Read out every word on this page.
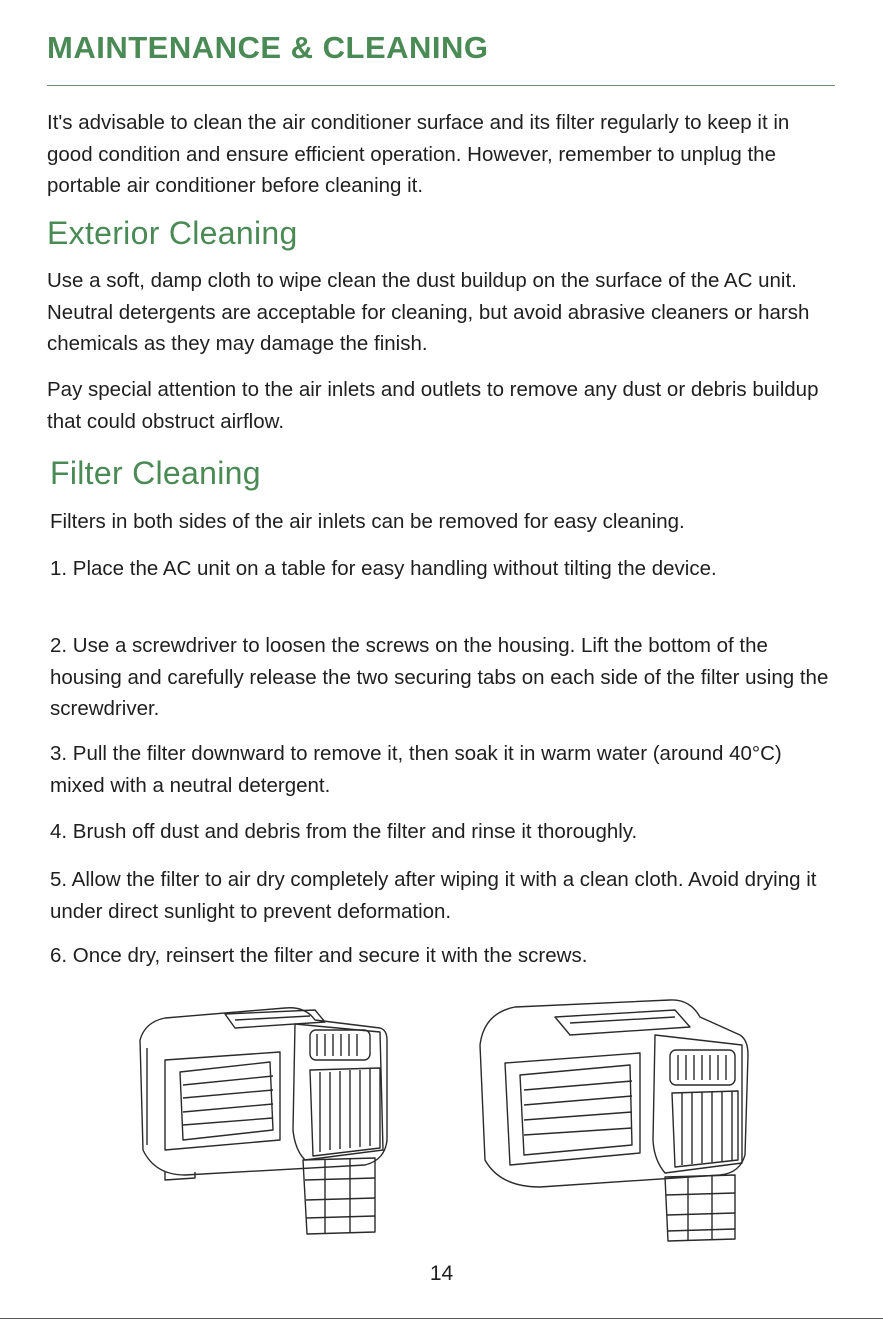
MAINTENANCE & CLEANING

It's advisable to clean the air conditioner surface and its filter regularly to keep it in good condition and ensure efficient operation. However, remember to unplug the portable air conditioner before cleaning it.

Exterior Cleaning

Use a soft, damp cloth to wipe clean the dust buildup on the surface of the AC unit. Neutral detergents are acceptable for cleaning, but avoid abrasive cleaners or harsh chemicals as they may damage the finish.

Pay special attention to the air inlets and outlets to remove any dust or debris buildup that could obstruct airflow.

Filter Cleaning

Filters in both sides of the air inlets can be removed for easy cleaning.

1. Place the AC unit on a table for easy handling without tilting the device.

2. Use a screwdriver to loosen the screws on the housing. Lift the bottom of the housing and carefully release the two securing tabs on each side of the filter using the screwdriver.

3. Pull the filter downward to remove it, then soak it in warm water (around 40°C) mixed with a neutral detergent.

4. Brush off dust and debris from the filter and rinse it thoroughly.

5. Allow the filter to air dry completely after wiping it with a clean cloth. Avoid drying it under direct sunlight to prevent deformation.

6. Once dry, reinsert the filter and secure it with the screws.

14
